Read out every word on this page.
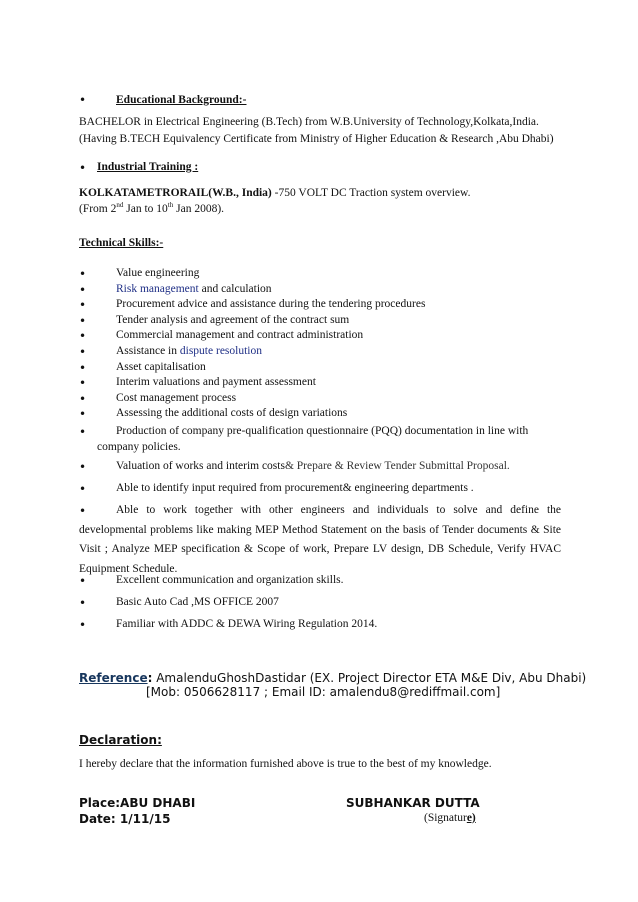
•	Educational Background:-
BACHELOR in Electrical Engineering (B.Tech) from W.B.University of Technology,Kolkata,India.
(Having B.TECH Equivalency Certificate from Ministry of Higher Education & Research ,Abu Dhabi)
• Industrial Training :
KOLKATAMETRORAIL(W.B., India) -750 VOLT DC Traction system overview.
(From 2nd Jan to 10th Jan 2008).
Technical Skills:-
•	Value engineering
•	Risk management and calculation
•	Procurement advice and assistance during the tendering procedures
•	Tender analysis and agreement of the contract sum
•	Commercial management and contract administration
•	Assistance in dispute resolution
•	Asset capitalisation
•	Interim valuations and payment assessment
•	Cost management process
•	Assessing the additional costs of design variations
•	Production of company pre-qualification questionnaire (PQQ) documentation in line with
company policies.
•	Valuation of works and interim costs& Prepare & Review Tender Submittal Proposal.
•	Able to identify input required from procurement& engineering departments .
•	Able to work together with other engineers and individuals to solve and define the developmental problems like making MEP Method Statement on the basis of Tender documents & Site Visit ; Analyze MEP specification & Scope of work, Prepare LV design, DB Schedule, Verify HVAC Equipment Schedule.
•	Excellent communication and organization skills.
•	Basic Auto Cad ,MS OFFICE 2007
•	Familiar with ADDC & DEWA Wiring Regulation 2014.
Reference: AmalenduGhoshDastidar (EX. Project Director ETA M&E Div, Abu Dhabi)
[Mob: 0506628117 ; Email ID: amalendu8@rediffmail.com]
Declaration:
I hereby declare that the information furnished above is true to the best of my knowledge.
Place:ABU DHABI
Date: 1/11/15
SUBHANKAR DUTTA
(Signature)
